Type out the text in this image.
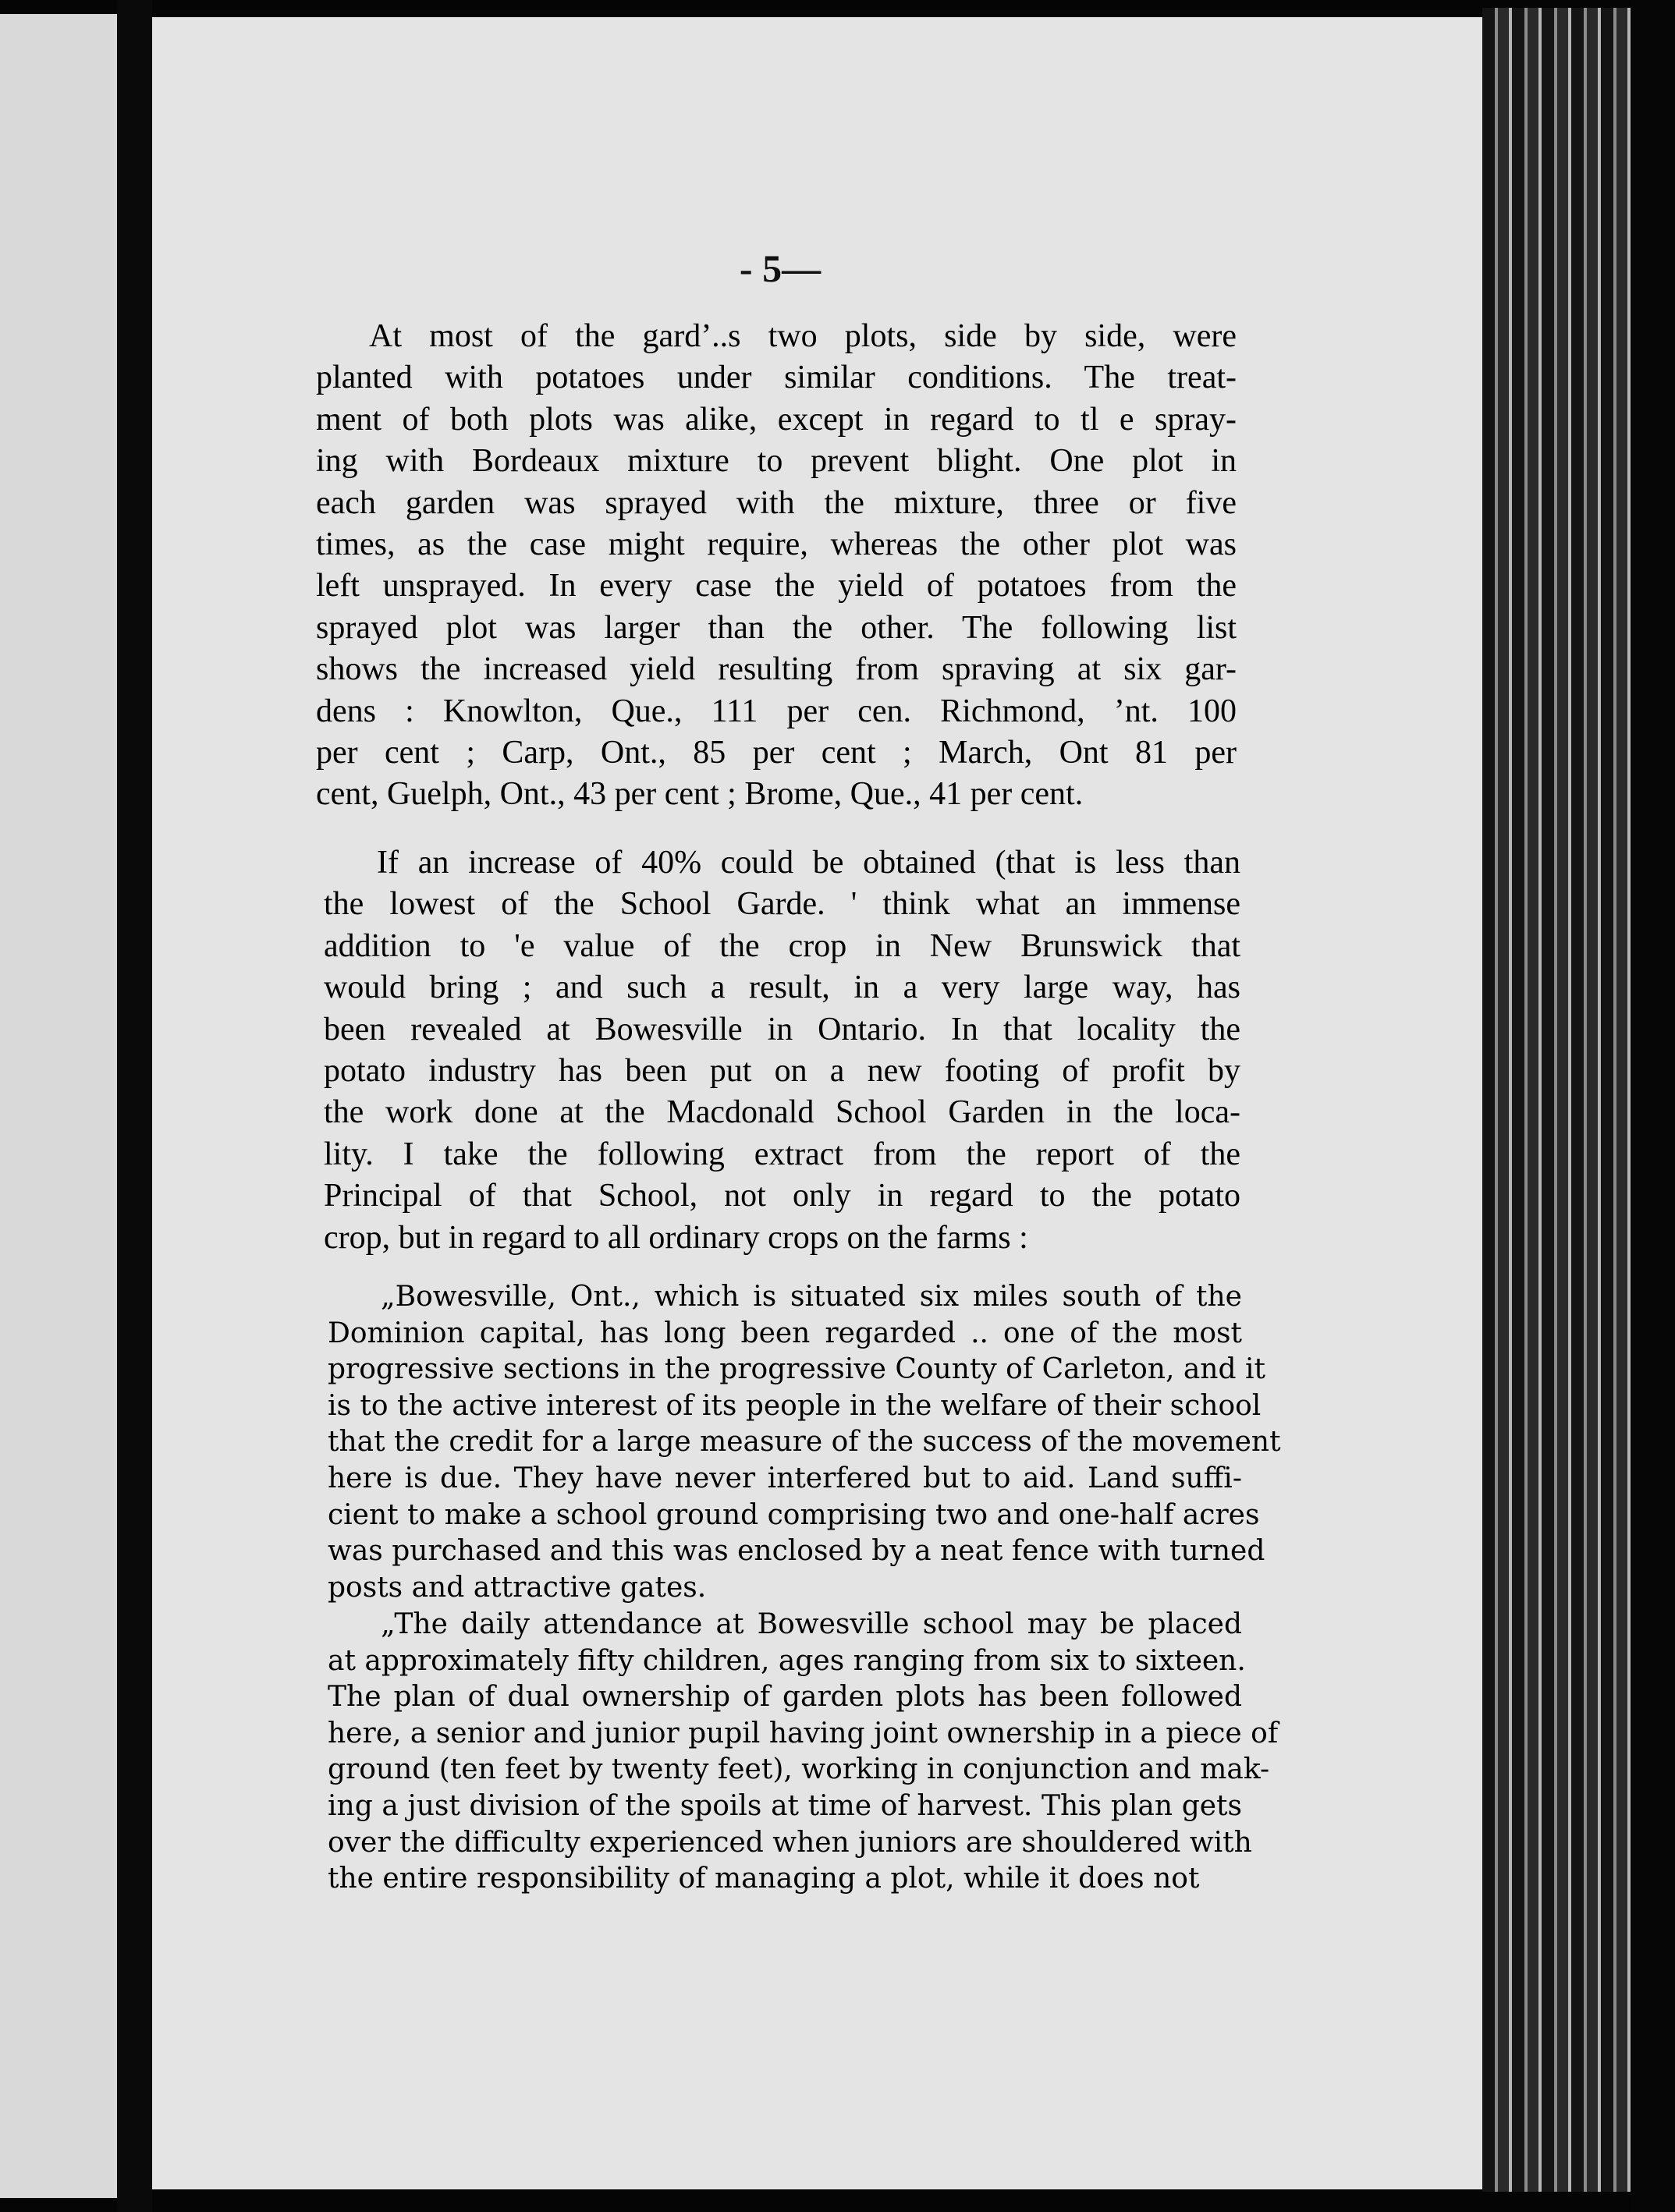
- 5—
At most of the gard’..s two plots, side by side, were
planted with potatoes under similar conditions. The treat-
ment of both plots was alike, except in regard to tl e spray-
ing with Bordeaux mixture to prevent blight. One plot in
each garden was sprayed with the mixture, three or five
times, as the case might require, whereas the other plot was
left unsprayed. In every case the yield of potatoes from the
sprayed plot was larger than the other. The following list
shows the increased yield resulting from spraving at six gar-
dens : Knowlton, Que., 111 per cen. Richmond, ’nt. 100
per cent ; Carp, Ont., 85 per cent ; March, Ont 81 per
cent, Guelph, Ont., 43 per cent ; Brome, Que., 41 per cent.
If an increase of 40% could be obtained (that is less than
the lowest of the School Garde. ' think what an immense
addition to 'e value of the crop in New Brunswick that
would bring ; and such a result, in a very large way, has
been revealed at Bowesville in Ontario. In that locality the
potato industry has been put on a new footing of profit by
the work done at the Macdonald School Garden in the loca-
lity. I take the following extract from the report of the
Principal of that School, not only in regard to the potato
crop, but in regard to all ordinary crops on the farms :
„Bowesville, Ont., which is situated six miles south of the
Dominion capital, has long been regarded .. one of the most
progressive sections in the progressive County of Carleton, and it
is to the active interest of its people in the welfare of their school
that the credit for a large measure of the success of the movement
here is due. They have never interfered but to aid. Land suffi-
cient to make a school ground comprising two and one-half acres
was purchased and this was enclosed by a neat fence with turned
posts and attractive gates.
„The daily attendance at Bowesville school may be placed
at approximately fifty children, ages ranging from six to sixteen.
The plan of dual ownership of garden plots has been followed
here, a senior and junior pupil having joint ownership in a piece of
ground (ten feet by twenty feet), working in conjunction and mak-
ing a just division of the spoils at time of harvest. This plan gets
over the difficulty experienced when juniors are shouldered with
the entire responsibility of managing a plot, while it does not
